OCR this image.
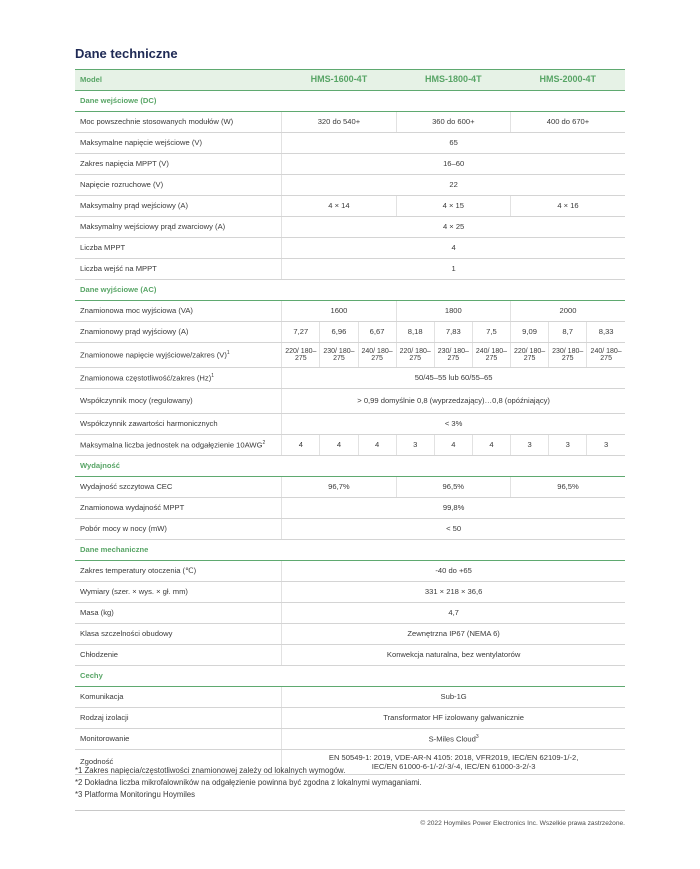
Dane techniczne
Model	HMS-1600-4T			HMS-1800-4T			HMS-2000-4T		
Dane wejściowe (DC)									
Moc powszechnie stosowanych modułów (W)	320 do 540+			360 do 600+			400 do 670+		
Maksymalne napięcie wejściowe (V)	65								
Zakres napięcia MPPT (V)	16–60								
Napięcie rozruchowe (V)	22								
Maksymalny prąd wejściowy (A)	4 × 14			4 × 15			4 × 16		
Maksymalny wejściowy prąd zwarciowy (A)	4 × 25								
Liczba MPPT	4								
Liczba wejść na MPPT	1								
Dane wyjściowe (AC)									
Znamionowa moc wyjściowa (VA)	1600			1800			2000		
Znamionowy prąd wyjściowy (A)	7,27	6,96	6,67	8,18	7,83	7,5	9,09	8,7	8,33
Znamionowe napięcie wyjściowe/zakres $(V)^1$	220/ 180–275	230/ 180–275	240/ 180–275	220/ 180–275	230/ 180–275	240/ 180–275	220/ 180–275	230/ 180–275	240/ 180–275
Znamionowa częstotliwość/zakres $(Hz)^1$	50/45–55 lub 60/55–65								
Współczynnik mocy (regulowany)	> 0,99 domyślnie 0,8 (wyprzedzający)…0,8 (opóźniający)								
Współczynnik zawartości harmonicznych	< 3%								
Maksymalna liczba jednostek na odgałęzienie 10AWG$^2$	4	4	4	3	4	4	3	3	3
Wydajność									
Wydajność szczytowa CEC	96,7%			96,5%			96,5%		
Znamionowa wydajność MPPT	99,8%								
Pobór mocy w nocy (mW)	< 50								
Dane mechaniczne									
Zakres temperatury otoczenia (℃)	-40 do +65								
Wymiary (szer. × wys. × gł. mm)	331 × 218 × 36,6								
Masa (kg)	4,7								
Klasa szczelności obudowy	Zewnętrzna IP67 (NEMA 6)								
Chłodzenie	Konwekcja naturalna, bez wentylatorów								
Cechy									
Komunikacja	Sub-1G								
Rodzaj izolacji	Transformator HF izolowany galwanicznie								
Monitorowanie	S-Miles Cloud$^3$
Zgodność	EN 50549-1: 2019, VDE-AR-N 4105: 2018, VFR2019, IEC/EN 62109-1/-2, IEC/EN 61000-6-1/-2/-3/-4, IEC/EN 61000-3-2/-3								
*1 Zakres napięcia/częstotliwości znamionowej zależy od lokalnych wymogów.
*2 Dokładna liczba mikrofalowników na odgałęzienie powinna być zgodna z lokalnymi wymaganiami.
*3 Platforma Monitoringu Hoymiles
© 2022 Hoymiles Power Electronics Inc. Wszelkie prawa zastrzeżone.
